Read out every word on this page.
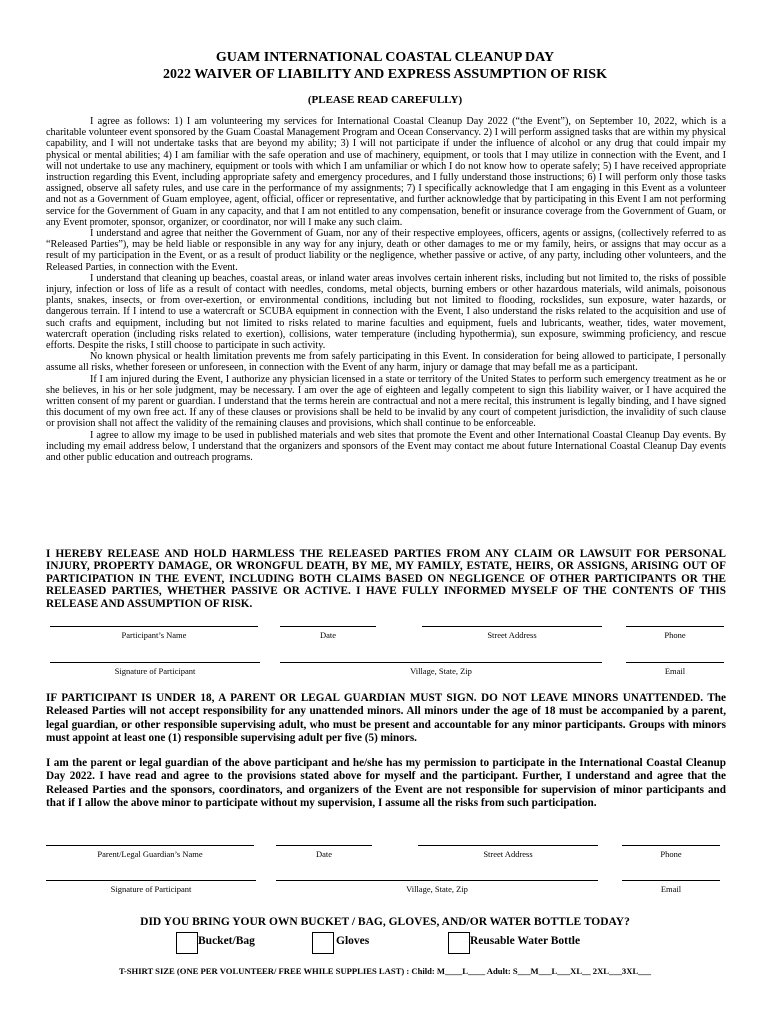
GUAM INTERNATIONAL COASTAL CLEANUP DAY
2022 WAIVER OF LIABILITY AND EXPRESS ASSUMPTION OF RISK
(PLEASE READ CAREFULLY)

I agree as follows: 1) I am volunteering my services for International Coastal Cleanup Day 2022 (“the Event”), on September 10, 2022, which is a charitable volunteer event sponsored by the Guam Coastal Management Program and Ocean Conservancy. 2) I will perform assigned tasks that are within my physical capability, and I will not undertake tasks that are beyond my ability; 3) I will not participate if under the influence of alcohol or any drug that could impair my physical or mental abilities; 4) I am familiar with the safe operation and use of machinery, equipment, or tools that I may utilize in connection with the Event, and I will not undertake to use any machinery, equipment or tools with which I am unfamiliar or which I do not know how to operate safely; 5) I have received appropriate instruction regarding this Event, including appropriate safety and emergency procedures, and I fully understand those instructions; 6) I will perform only those tasks assigned, observe all safety rules, and use care in the performance of my assignments; 7) I specifically acknowledge that I am engaging in this Event as a volunteer and not as a Government of Guam employee, agent, official, officer or representative, and further acknowledge that by participating in this Event I am not performing service for the Government of Guam in any capacity, and that I am not entitled to any compensation, benefit or insurance coverage from the Government of Guam, or any Event promoter, sponsor, organizer, or coordinator, nor will I make any such claim.

I understand and agree that neither the Government of Guam, nor any of their respective employees, officers, agents or assigns, (collectively referred to as “Released Parties”), may be held liable or responsible in any way for any injury, death or other damages to me or my family, heirs, or assigns that may occur as a result of my participation in the Event, or as a result of product liability or the negligence, whether passive or active, of any party, including other volunteers, and the Released Parties, in connection with the Event.

I understand that cleaning up beaches, coastal areas, or inland water areas involves certain inherent risks, including but not limited to, the risks of possible injury, infection or loss of life as a result of contact with needles, condoms, metal objects, burning embers or other hazardous materials, wild animals, poisonous plants, snakes, insects, or from over-exertion, or environmental conditions, including but not limited to flooding, rockslides, sun exposure, water hazards, or dangerous terrain. If I intend to use a watercraft or SCUBA equipment in connection with the Event, I also understand the risks related to the acquisition and use of such crafts and equipment, including but not limited to risks related to marine faculties and equipment, fuels and lubricants, weather, tides, water movement, watercraft operation (including risks related to exertion), collisions, water temperature (including hypothermia), sun exposure, swimming proficiency, and rescue efforts. Despite the risks, I still choose to participate in such activity.

No known physical or health limitation prevents me from safely participating in this Event. In consideration for being allowed to participate, I personally assume all risks, whether foreseen or unforeseen, in connection with the Event of any harm, injury or damage that may befall me as a participant.

If I am injured during the Event, I authorize any physician licensed in a state or territory of the United States to perform such emergency treatment as he or she believes, in his or her sole judgment, may be necessary. I am over the age of eighteen and legally competent to sign this liability waiver, or I have acquired the written consent of my parent or guardian. I understand that the terms herein are contractual and not a mere recital, this instrument is legally binding, and I have signed this document of my own free act. If any of these clauses or provisions shall be held to be invalid by any court of competent jurisdiction, the invalidity of such clause or provision shall not affect the validity of the remaining clauses and provisions, which shall continue to be enforceable.

I agree to allow my image to be used in published materials and web sites that promote the Event and other International Coastal Cleanup Day events. By including my email address below, I understand that the organizers and sponsors of the Event may contact me about future International Coastal Cleanup Day events and other public education and outreach programs.

I HEREBY RELEASE AND HOLD HARMLESS THE RELEASED PARTIES FROM ANY CLAIM OR LAWSUIT FOR PERSONAL INJURY, PROPERTY DAMAGE, OR WRONGFUL DEATH, BY ME, MY FAMILY, ESTATE, HEIRS, OR ASSIGNS, ARISING OUT OF PARTICIPATION IN THE EVENT, INCLUDING BOTH CLAIMS BASED ON NEGLIGENCE OF OTHER PARTICIPANTS OR THE RELEASED PARTIES, WHETHER PASSIVE OR ACTIVE. I HAVE FULLY INFORMED MYSELF OF THE CONTENTS OF THIS RELEASE AND ASSUMPTION OF RISK.
Participant’s Name	Date	Street Address	Phone
Signature of Participant	Village, State, Zip	Email
IF PARTICIPANT IS UNDER 18, A PARENT OR LEGAL GUARDIAN MUST SIGN. DO NOT LEAVE MINORS UNATTENDED. The Released Parties will not accept responsibility for any unattended minors. All minors under the age of 18 must be accompanied by a parent, legal guardian, or other responsible supervising adult, who must be present and accountable for any minor participants. Groups with minors must appoint at least one (1) responsible supervising adult per five (5) minors.
I am the parent or legal guardian of the above participant and he/she has my permission to participate in the International Coastal Cleanup Day 2022. I have read and agree to the provisions stated above for myself and the participant. Further, I understand and agree that the Released Parties and the sponsors, coordinators, and organizers of the Event are not responsible for supervision of minor participants and that if I allow the above minor to participate without my supervision, I assume all the risks from such participation.
Parent/Legal Guardian’s Name	Date	Street Address	Phone
Signature of Participant	Village, State, Zip	Email
DID YOU BRING YOUR OWN BUCKET / BAG, GLOVES, AND/OR WATER BOTTLE TODAY?
Bucket/Bag	Gloves	Reusable Water Bottle
T-SHIRT SIZE (ONE PER VOLUNTEER/ FREE WHILE SUPPLIES LAST) : Child: M____L____ Adult: S___M___L___XL__ 2XL___3XL___
